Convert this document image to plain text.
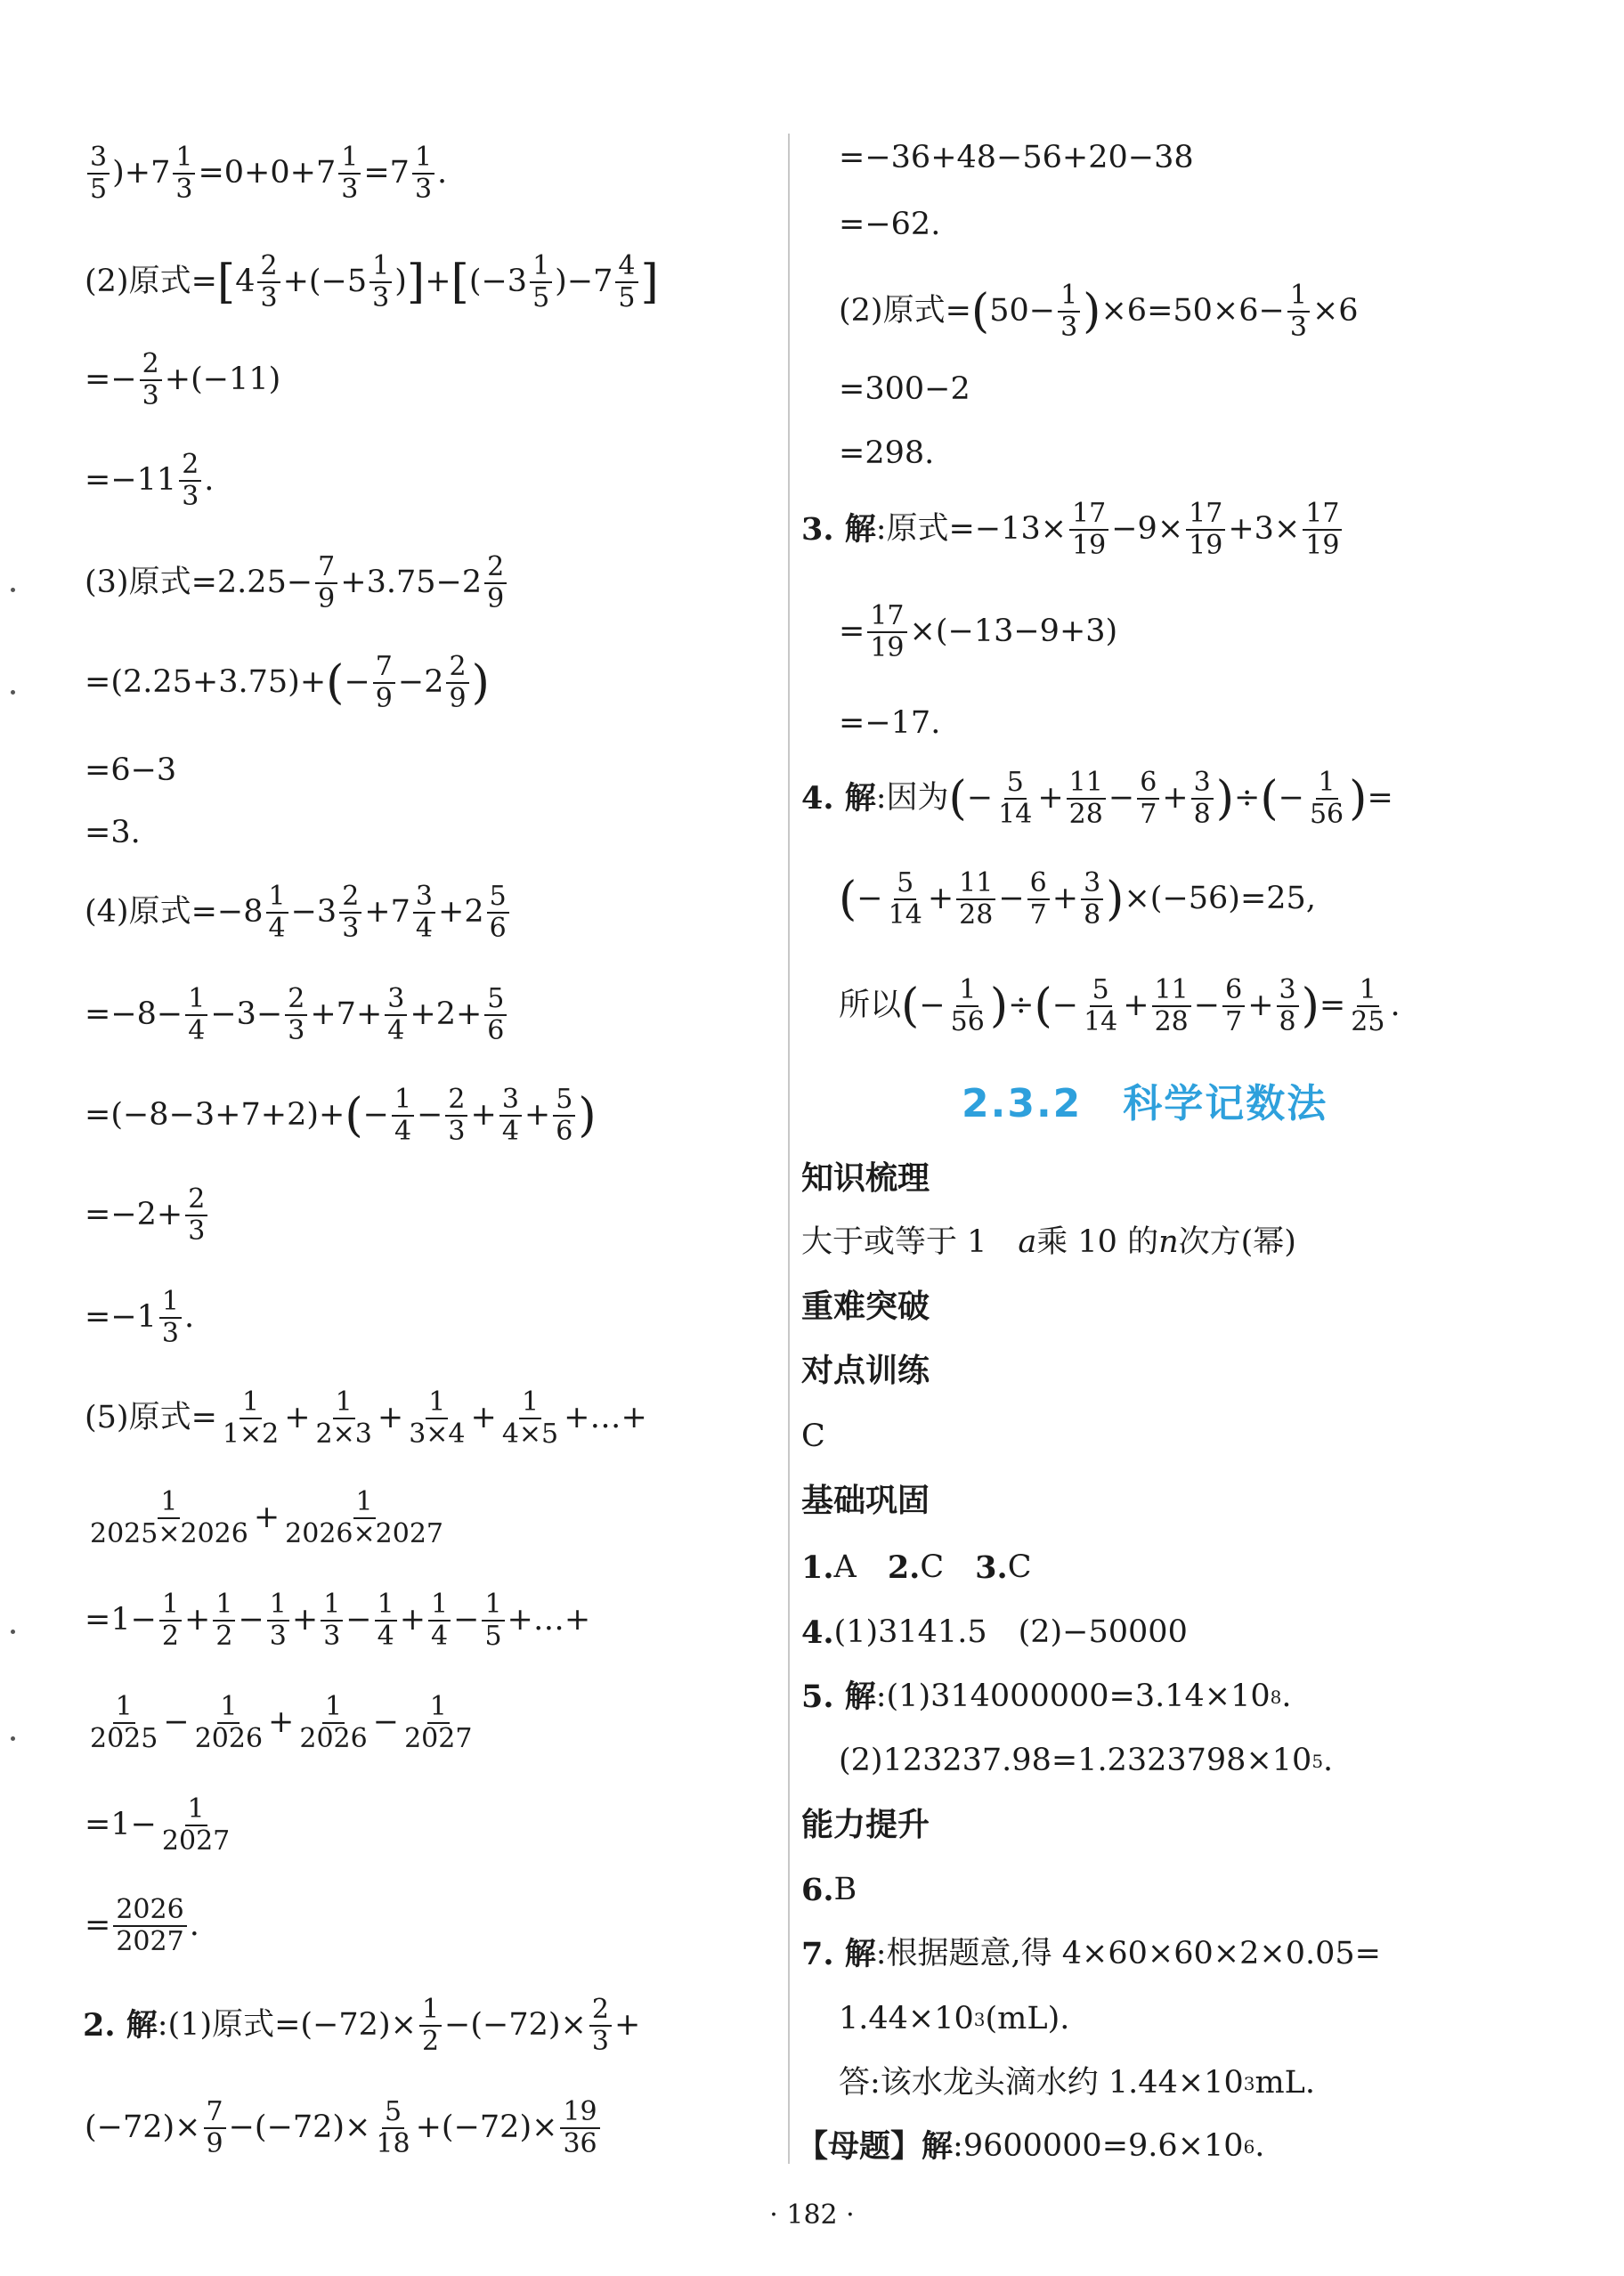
$\frac{3}{5} )+7 \frac{1}{3} =0+0+7 \frac{1}{3} =7 \frac{1}{3}$ .
(2)原式= [ $4 \frac{2}{3} +(-5 \frac{1}{3}$ ) ] + [ $(-3 \frac{1}{5} )-7 \frac{4}{5}$ ]
=− $\frac{2}{3} +(-11)$
$=-11 \frac{2}{3}$ .
(3)原式$=2.25- \frac{7}{9} +3.75-2 \frac{2}{9}$
=(2.25+3.75)+ ( − $\frac{7}{9} -2 \frac{2}{9}$ )
=6−3
=3.
(4)原式$=-8 \frac{1}{4} -3 \frac{2}{3} +7 \frac{3}{4} +2 \frac{5}{6}$
$=-8- \frac{1}{4} -3- \frac{2}{3} +7+ \frac{3}{4} +2+ \frac{5}{6}$
=(−8−3+7+2)+ ( − $\frac{1}{4} - \frac{2}{3} + \frac{3}{4} + \frac{5}{6}$ )
$=-2+ \frac{2}{3}$
$=-1 \frac{1}{3}$ .
(5)原式= $\frac{1}{1\times 2} + \frac{1}{2\times 3} + \frac{1}{3\times 4} + \frac{1}{4\times 5}$ +…+
$\frac{1}{2025\times 2026} + \frac{1}{2026\times 2027}$
$=1- \frac{1}{2} + \frac{1}{2} - \frac{1}{3} + \frac{1}{3} - \frac{1}{4} + \frac{1}{4} - \frac{1}{5}$ +…+
$\frac{1}{2025} - \frac{1}{2026} + \frac{1}{2026} - \frac{1}{2027}$
$=1- \frac{1}{2027}$
= $\frac{2026}{2027}$ .
2. 解 :(1)原式$=(-72)\times \frac{1}{2} -(-72)\times \frac{2}{3}$ +
$(-72)\times \frac{7}{9} -(-72)\times \frac{5}{18} +(-72)\times \frac{19}{36}$
=−36+48−56+20−38
=−62.
(2)原式= ( $50- \frac{1}{3}$ ) $\times 6=50\times 6- \frac{1}{3} \times 6$
=300−2
=298.
3. 解 :原式$=-13\times \frac{17}{19} -9\times \frac{17}{19} +3\times \frac{17}{19}$
= $\frac{17}{19} \times(-13-9+3)$
=−17.
4. 解 :因为 ( − $\frac{5}{14} + \frac{11}{28} - \frac{6}{7} + \frac{3}{8}$ ) ÷ ( − $\frac{1}{56}$ ) =
( − $\frac{5}{14} + \frac{11}{28} - \frac{6}{7} + \frac{3}{8}$ ) ×(−56)=25,
所以 ( − $\frac{1}{56}$ ) ÷ ( − $\frac{5}{14} + \frac{11}{28} - \frac{6}{7} + \frac{3}{8}$ ) = $\frac{1}{25}$ .
2.3.2　科学记数法
知识梳理
大于或等于 1　 a 乘 10 的 n 次方(幂)
重难突破
对点训练
C
基础巩固
1. A　 2. C　 3. C
4. (1)3141.5　(2)−50000
5. 解 :(1)314000000=3.14×10 8 .
(2)123237.98=1.2323798×10 5 .
能力提升
6. B
7. 解 :根据题意,得 4×60×60×2×0.05=
1.44×10 3 (mL).
答:该水龙头滴水约 1.44×10 3 mL.
【母题】 解 :9600000=9.6×10 6 .
· 182 ·
